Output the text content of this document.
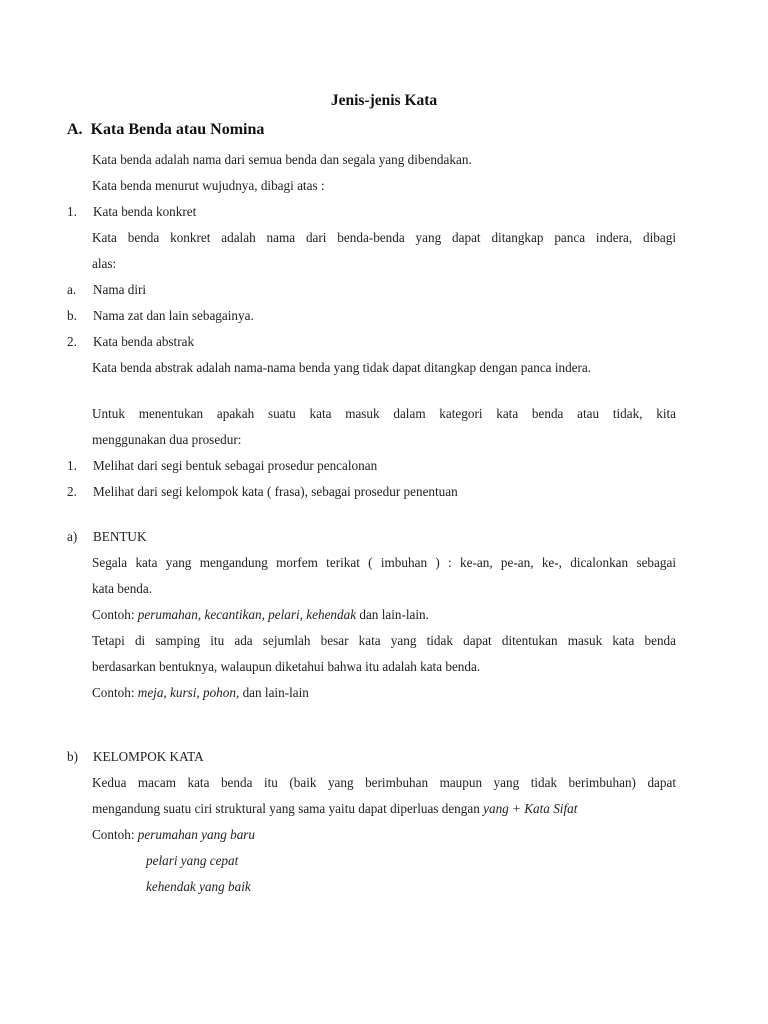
Jenis-jenis Kata
A. Kata Benda atau Nomina
Kata benda adalah nama dari semua benda dan segala yang dibendakan.
Kata benda menurut wujudnya, dibagi atas :
1. Kata benda konkret
Kata benda konkret adalah nama dari benda-benda yang dapat ditangkap panca indera, dibagi
alas:
a. Nama diri
b. Nama zat dan lain sebagainya.
2. Kata benda abstrak
Kata benda abstrak adalah nama-nama benda yang tidak dapat ditangkap dengan panca indera.
Untuk menentukan apakah suatu kata masuk dalam kategori kata benda atau tidak, kita
menggunakan dua prosedur:
1. Melihat dari segi bentuk sebagai prosedur pencalonan
2. Melihat dari segi kelompok kata ( frasa), sebagai prosedur penentuan
a) BENTUK
Segala kata yang mengandung morfem terikat ( imbuhan ) : ke-an, pe-an, ke-, dicalonkan sebagai
kata benda.
Contoh: perumahan, kecantikan, pelari, kehendak dan lain-lain.
Tetapi di samping itu ada sejumlah besar kata yang tidak dapat ditentukan masuk kata benda
berdasarkan bentuknya, walaupun diketahui bahwa itu adalah kata benda.
Contoh: meja, kursi, pohon, dan lain-lain
b) KELOMPOK KATA
Kedua macam kata benda itu (baik yang berimbuhan maupun yang tidak berimbuhan) dapat
mengandung suatu ciri struktural yang sama yaitu dapat diperluas dengan yang + Kata Sifat
Contoh: perumahan yang baru
pelari yang cepat
kehendak yang baik
